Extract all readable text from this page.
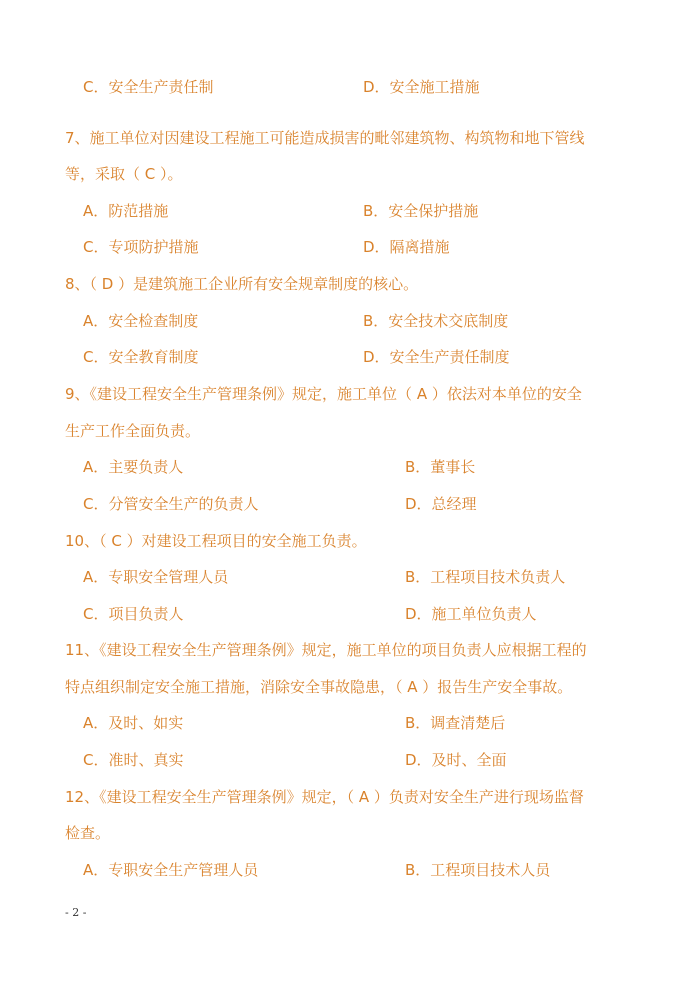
C．安全生产责任制	D．安全施工措施
7、施工单位对因建设工程施工可能造成损害的毗邻建筑物、构筑物和地下管线
等，采取（ C ）。
A．防范措施	B．安全保护措施
C．专项防护措施	D．隔离措施
8、（ D ）是建筑施工企业所有安全规章制度的核心。
A．安全检查制度	B．安全技术交底制度
C．安全教育制度	D．安全生产责任制度
9、《建设工程安全生产管理条例》规定，施工单位（ A ）依法对本单位的安全
生产工作全面负责。
A．主要负责人	B．董事长
C．分管安全生产的负责人	D．总经理
10、（ C ）对建设工程项目的安全施工负责。
A．专职安全管理人员	B．工程项目技术负责人
C．项目负责人	D．施工单位负责人
11、《建设工程安全生产管理条例》规定，施工单位的项目负责人应根据工程的
特点组织制定安全施工措施，消除安全事故隐患，（ A ）报告生产安全事故。
A．及时、如实	B．调查清楚后
C．准时、真实	D．及时、全面
12、《建设工程安全生产管理条例》规定，（ A ）负责对安全生产进行现场监督
检查。
A．专职安全生产管理人员	B．工程项目技术人员
- 2 -
